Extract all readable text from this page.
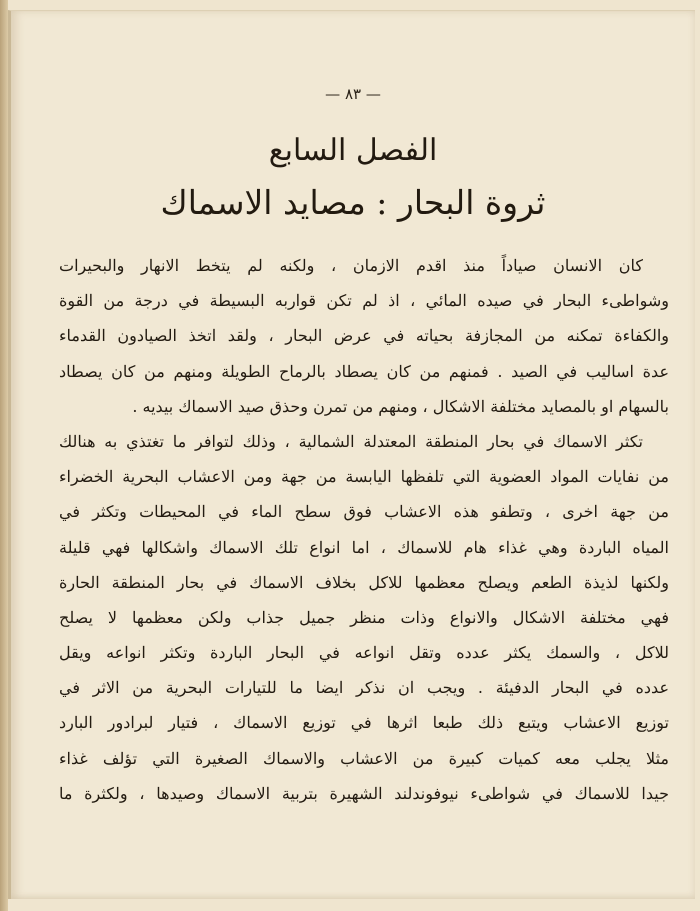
— ٨٣ —
الفصل السابع
ثروة البحار : مصايد الاسماك
كان الانسان صياداً منذ اقدم الازمان ، ولكنه لم يتخط الانهار والبحيرات
وشواطىء البحار في صيده المائي ، اذ لم تكن قواربه البسيطة في درجة من القوة
والكفاءة تمكنه من المجازفة بحياته في عرض البحار ، ولقد اتخذ الصيادون القدماء
عدة اساليب في الصيد . فمنهم من كان يصطاد بالرماح الطويلة ومنهم من كان يصطاد
بالسهام او بالمصايد مختلفة الاشكال ، ومنهم من تمرن وحذق صيد الاسماك بيديه .
تكثر الاسماك في بحار المنطقة المعتدلة الشمالية ، وذلك لتوافر ما تغتذي به هنالك
من نفايات المواد العضوية التي تلفظها اليابسة من جهة ومن الاعشاب البحرية الخضراء
من جهة اخرى ، وتطفو هذه الاعشاب فوق سطح الماء في المحيطات وتكثر في
المياه الباردة وهي غذاء هام للاسماك ، اما انواع تلك الاسماك واشكالها فهي قليلة
ولكنها لذيذة الطعم ويصلح معظمها للاكل بخلاف الاسماك في بحار المنطقة الحارة
فهي مختلفة الاشكال والانواع وذات منظر جميل جذاب ولكن معظمها لا يصلح
للاكل ، والسمك يكثر عدده وتقل انواعه في البحار الباردة وتكثر انواعه ويقل
عدده في البحار الدفيئة . ويجب ان نذكر ايضا ما للتيارات البحرية من الاثر في
توزيع الاعشاب ويتبع ذلك طبعا اثرها في توزيع الاسماك ، فتيار لبرادور البارد
مثلا يجلب معه كميات كبيرة من الاعشاب والاسماك الصغيرة التي تؤلف غذاء
جيدا للاسماك في شواطىء نيوفوندلند الشهيرة بتربية الاسماك وصيدها ، ولكثرة ما
